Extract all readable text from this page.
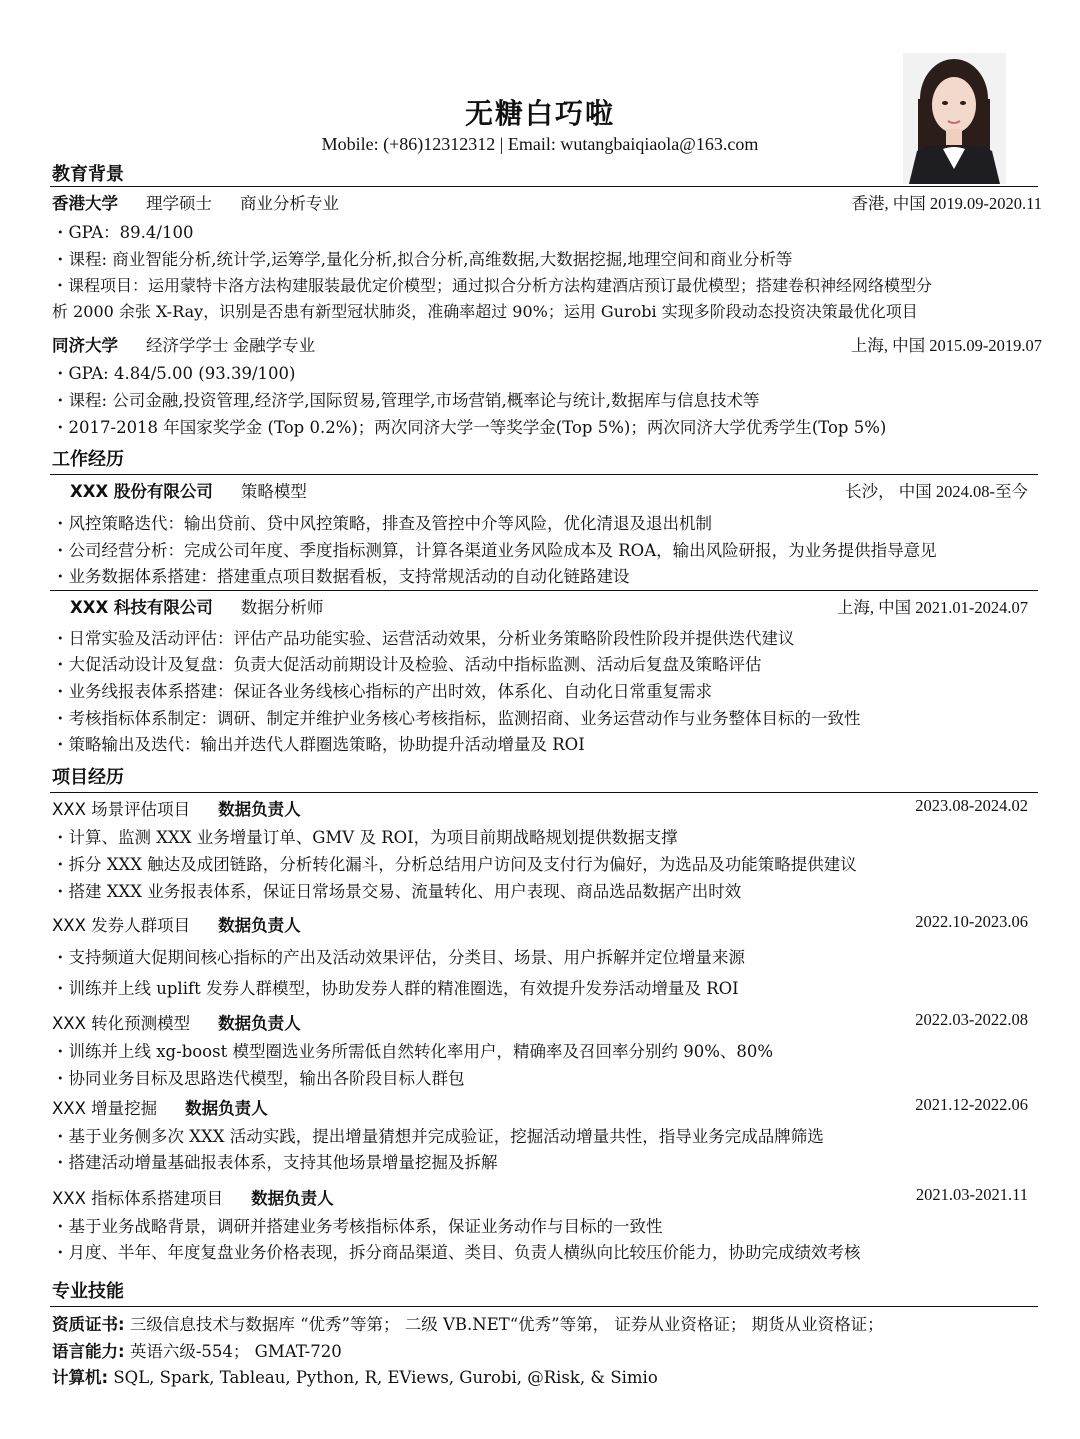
无糖白巧啦
Mobile: (+86)12312312 | Email: wutangbaiqiaola@163.com
教育背景
香港大学 理学硕士 商业分析专业	香港, 中国 2019.09-2020.11
・GPA：89.4/100
・课程: 商业智能分析,统计学,运筹学,量化分析,拟合分析,高维数据,大数据挖掘,地理空间和商业分析等
・课程项目：运用蒙特卡洛方法构建服装最优定价模型；通过拟合分析方法构建酒店预订最优模型；搭建卷积神经网络模型分
析 2000 余张 X-Ray，识别是否患有新型冠状肺炎，准确率超过 90%；运用 Gurobi 实现多阶段动态投资决策最优化项目
同济大学 经济学学士 金融学专业	上海, 中国 2015.09-2019.07
・GPA: 4.84/5.00 (93.39/100)
・课程: 公司金融,投资管理,经济学,国际贸易,管理学,市场营销,概率论与统计,数据库与信息技术等
・2017-2018 年国家奖学金 (Top 0.2%)；两次同济大学一等奖学金(Top 5%)；两次同济大学优秀学生(Top 5%)
工作经历
XXX 股份有限公司 策略模型	长沙， 中国 2024.08-至今
・风控策略迭代：输出贷前、贷中风控策略，排查及管控中介等风险，优化清退及退出机制
・公司经营分析：完成公司年度、季度指标测算，计算各渠道业务风险成本及 ROA，输出风险研报，为业务提供指导意见
・业务数据体系搭建：搭建重点项目数据看板，支持常规活动的自动化链路建设
XXX 科技有限公司 数据分析师	上海, 中国 2021.01-2024.07
・日常实验及活动评估：评估产品功能实验、运营活动效果，分析业务策略阶段性阶段并提供迭代建议
・大促活动设计及复盘：负责大促活动前期设计及检验、活动中指标监测、活动后复盘及策略评估
・业务线报表体系搭建：保证各业务线核心指标的产出时效，体系化、自动化日常重复需求
・考核指标体系制定：调研、制定并维护业务核心考核指标，监测招商、业务运营动作与业务整体目标的一致性
・策略输出及迭代：输出并迭代人群圈选策略，协助提升活动增量及 ROI
项目经历
XXX 场景评估项目 数据负责人	2023.08-2024.02
・计算、监测 XXX 业务增量订单、GMV 及 ROI，为项目前期战略规划提供数据支撑
・拆分 XXX 触达及成团链路，分析转化漏斗，分析总结用户访问及支付行为偏好，为选品及功能策略提供建议
・搭建 XXX 业务报表体系，保证日常场景交易、流量转化、用户表现、商品选品数据产出时效
XXX 发券人群项目 数据负责人	2022.10-2023.06
・支持频道大促期间核心指标的产出及活动效果评估，分类目、场景、用户拆解并定位增量来源
・训练并上线 uplift 发券人群模型，协助发券人群的精准圈选，有效提升发券活动增量及 ROI
XXX 转化预测模型 数据负责人	2022.03-2022.08
・训练并上线 xg-boost 模型圈选业务所需低自然转化率用户，精确率及召回率分别约 90%、80%
・协同业务目标及思路迭代模型，输出各阶段目标人群包
XXX 增量挖掘 数据负责人	2021.12-2022.06
・基于业务侧多次 XXX 活动实践，提出增量猜想并完成验证，挖掘活动增量共性，指导业务完成品牌筛选
・搭建活动增量基础报表体系，支持其他场景增量挖掘及拆解
XXX 指标体系搭建项目 数据负责人	2021.03-2021.11
・基于业务战略背景，调研并搭建业务考核指标体系，保证业务动作与目标的一致性
・月度、半年、年度复盘业务价格表现，拆分商品渠道、类目、负责人横纵向比较压价能力，协助完成绩效考核
专业技能
资质证书: 三级信息技术与数据库 “优秀”等第； 二级 VB.NET“优秀”等第， 证券从业资格证； 期货从业资格证；
语言能力: 英语六级-554； GMAT-720
计算机: SQL, Spark, Tableau, Python, R, EViews, Gurobi, @Risk, & Simio
